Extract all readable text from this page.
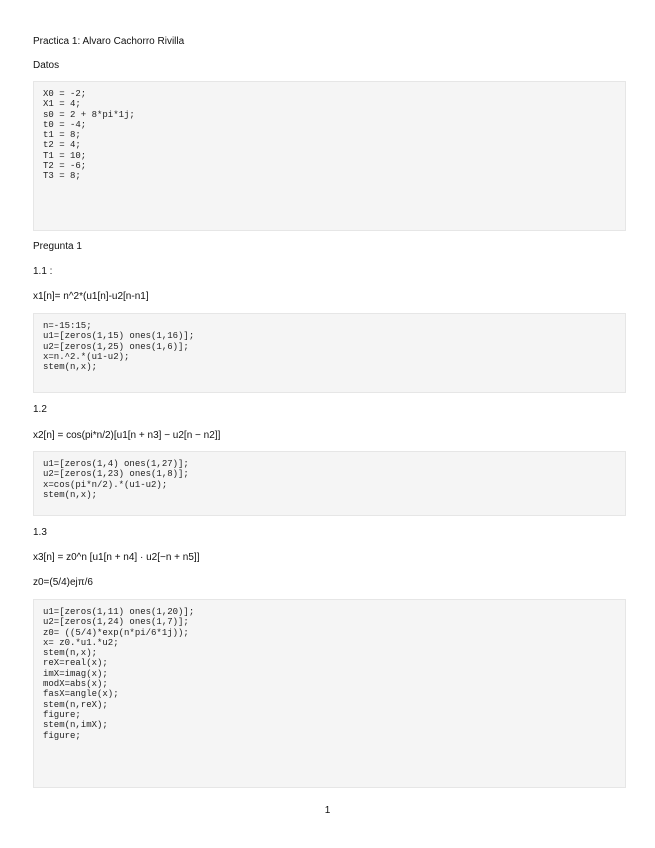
Practica 1: Alvaro Cachorro Rivilla
Datos
X0 = -2;
X1 = 4;
s0 = 2 + 8*pi*1j;
t0 = -4;
t1 = 8;
t2 = 4;
T1 = 10;
T2 = -6;
T3 = 8;
Pregunta 1
1.1 :
x1[n]= n^2*(u1[n]-u2[n-n1]
n=-15:15;
u1=[zeros(1,15) ones(1,16)];
u2=[zeros(1,25) ones(1,6)];
x=n.^2.*(u1-u2);
stem(n,x);
1.2
x2[n] = cos(pi*n/2)[u1[n + n3] − u2[n − n2]]
u1=[zeros(1,4) ones(1,27)];
u2=[zeros(1,23) ones(1,8)];
x=cos(pi*n/2).*(u1-u2);
stem(n,x);
1.3
x3[n] = z0^n [u1[n + n4] · u2[−n + n5]]
z0=(5/4)ejπ/6
u1=[zeros(1,11) ones(1,20)];
u2=[zeros(1,24) ones(1,7)];
z0= ((5/4)*exp(n*pi/6*1j));
x= z0.*u1.*u2;
stem(n,x);
reX=real(x);
imX=imag(x);
modX=abs(x);
fasX=angle(x);
stem(n,reX);
figure;
stem(n,imX);
figure;
1
